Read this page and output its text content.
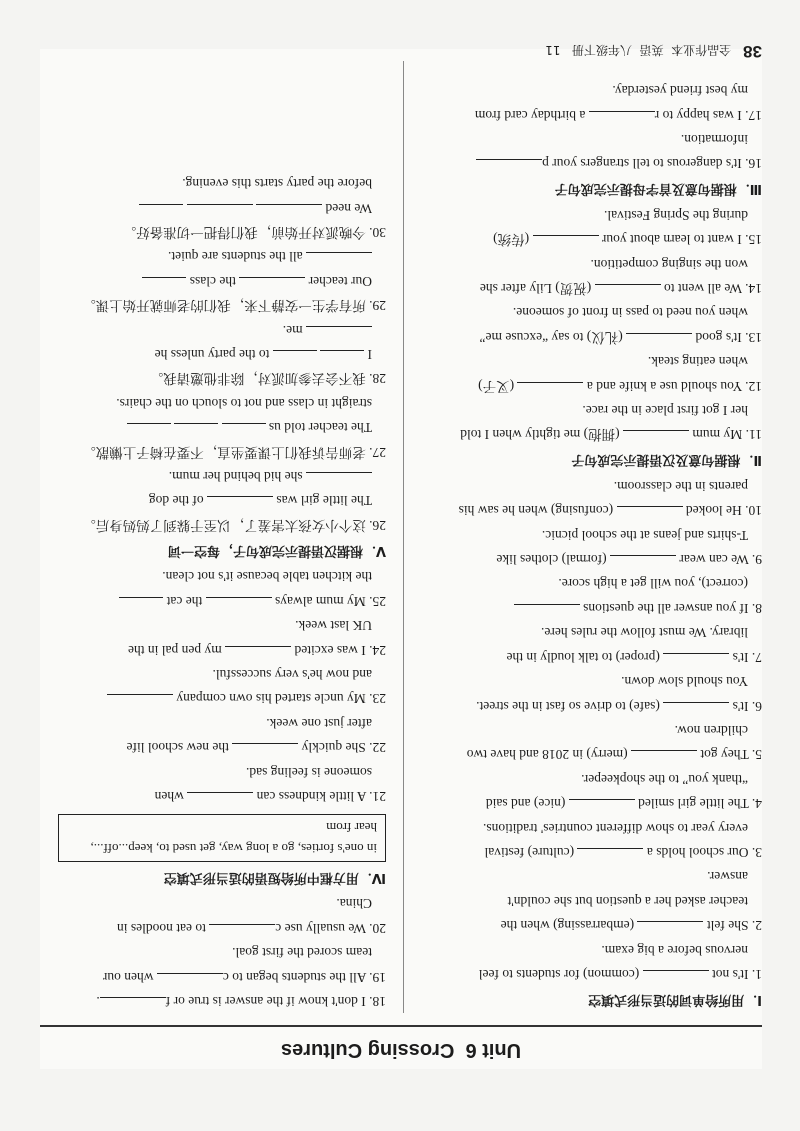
Unit 6  Crossing Cultures
Ⅰ．用所给单词的适当形式填空

1. It's not  (common) for students to feel

nervous before a big exam.

2. She felt  (embarrassing) when the

teacher asked her a question but she couldn't

answer.

3. Our school holds a  (culture) festival

every year to show different countries' traditions.

4. The little girl smiled  (nice) and said

“thank you” to the shopkeeper.

5. They got  (merry) in 2018 and have two

children now.

6. It's  (safe) to drive so fast in the street.

You should slow down.

7. It's  (proper) to talk loudly in the

library. We must follow the rules here.

8. If you answer all the questions

(correct), you will get a high score.

9. We can wear  (formal) clothes like

T-shirts and jeans at the school picnic.

10. He looked  (confusing) when he saw his

parents in the classroom.

Ⅱ．根据句意及汉语提示完成句子

11. My mum  (拥抱) me tightly when I told

her I got first place in the race.

12. You should use a knife and a  (叉子)

when eating steak.

13. It's good  (礼仪) to say “excuse me”

when you need to pass in front of someone.

14. We all went to  (祝贺) Lily after she

won the singing competition.

15. I want to learn about your  (传统)

during the Spring Festival.

Ⅲ．根据句意及首字母提示完成句子

16. It's dangerous to tell strangers your p

information.

17. I was happy to r a birthday card from

my best friend yesterday.

18. I don't know if the answer is true or f.

19. All the students began to c when our

team scored the first goal.

20. We usually use c to eat noodles in

China.

Ⅳ．用方框中所给短语的适当形式填空
in one's forties, go a long way, get used to, keep...off..., hear from

21. A little kindness can  when

someone is feeling sad.

22. She quickly  the new school life

after just one week.

23. My uncle started his own company

and now he's very successful.

24. I was excited  my pen pal in the

UK last week.

25. My mum always  the cat

the kitchen table because it's not clean.

Ⅴ．根据汉语提示完成句子，每空一词

26. 这个小女孩太害羞了，以至于躲到了妈妈身后。

The little girl was  of the dog

she hid behind her mum.

27. 老师告诉我们上课要坐直，不要在椅子上懒散。

The teacher told us

straight in class and not to slouch on the chairs.

28. 我不会去参加派对，除非他邀请我。

I   to the party unless he

me.

29. 所有学生一安静下来，我们的老师就开始上课。

Our teacher  the class

all the students are quiet.

30. 今晚派对开始前，我们得把一切准备好。

We need

before the party starts this evening.

38 全品作业本  英语  八年级下册   11
